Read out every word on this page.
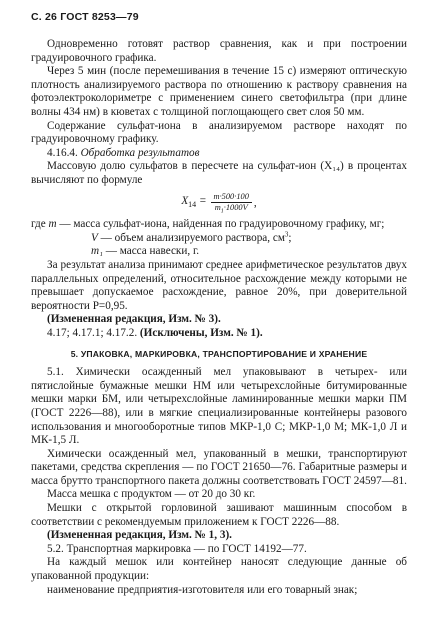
С. 26 ГОСТ 8253—79

Одновременно готовят раствор сравнения, как и при построении градуировочного графика.

Через 5 мин (после перемешивания в течение 15 с) измеряют оптическую плотность анализируемого раствора по отношению к раствору сравнения на фотоэлектроколориметре с применением синего светофильтра (при длине волны 434 нм) в кюветах с толщиной поглощающего свет слоя 50 мм.

Содержание сульфат-иона в анализируемом растворе находят по градуировочному графику.

4.16.4. Обработка результатов

Массовую долю сульфатов в пересчете на сульфат-ион (X₁₄) в процентах вычисляют по формуле

$X_{14} = \frac{m\cdot 500\cdot 100}{m_1\cdot 1000V}$ ,
где
m
— масса сульфат-иона, найденная по градуировочному графику, мг;

V — объем анализируемого раствора, $см^3$;

m₁ — масса навески, г.

За результат анализа принимают среднее арифметическое результатов двух параллельных определений, относительное расхождение между которыми не превышает допускаемое расхождение, равное 20%, при доверительной вероятности P=0,95.

(Измененная редакция, Изм. № 3).

4.17; 4.17.1; 4.17.2. (Исключены, Изм. № 1).

5. УПАКОВКА, МАРКИРОВКА, ТРАНСПОРТИРОВАНИЕ И ХРАНЕНИЕ

5.1. Химически осажденный мел упаковывают в четырех- или пятислойные бумажные мешки НМ или четырехслойные битумированные мешки марки БМ, или четырехслойные ламинированные мешки марки ПМ (ГОСТ 2226—88), или в мягкие специализированные контейнеры разового использования и многооборотные типов МКР-1,0 С; МКР-1,0 М; МК-1,0 Л и МК-1,5 Л.

Химически осажденный мел, упакованный в мешки, транспортируют пакетами, средства скрепления — по ГОСТ 21650—76. Габаритные размеры и масса брутто транспортного пакета должны соответствовать ГОСТ 24597—81.

Масса мешка с продуктом — от 20 до 30 кг.

Мешки с открытой горловиной зашивают машинным способом в соответствии с рекомендуемым приложением к ГОСТ 2226—88.

(Измененная редакция, Изм. № 1, 3).

5.2. Транспортная маркировка — по ГОСТ 14192—77.

На каждый мешок или контейнер наносят следующие данные об упакованной продукции:

наименование предприятия-изготовителя или его товарный знак;
